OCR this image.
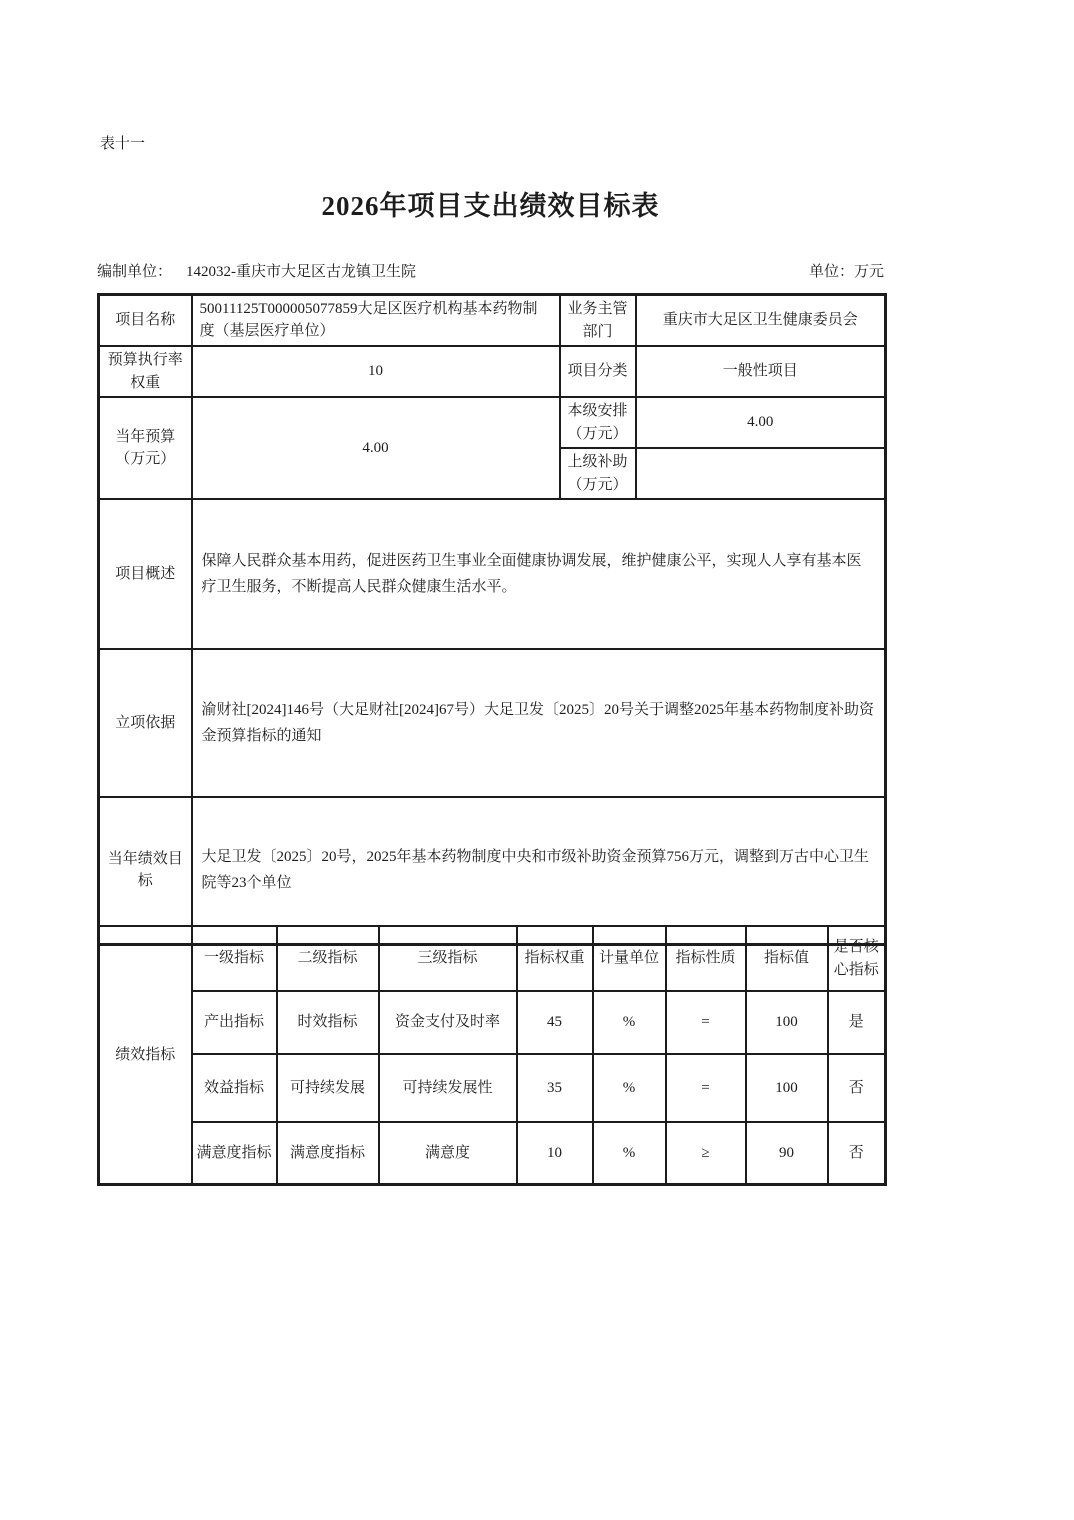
表十一
2026年项目支出绩效目标表
编制单位： 142032-重庆市大足区古龙镇卫生院	单位：万元
项目名称	50011125T000005077859大足区医疗机构基本药物制度（基层医疗单位）	业务主管部门	重庆市大足区卫生健康委员会
预算执行率权重	10	项目分类	一般性项目
当年预算（万元）	4.00	本级安排（万元）	4.00
		上级补助（万元）	
项目概述	保障人民群众基本用药，促进医药卫生事业全面健康协调发展，维护健康公平，实现人人享有基本医疗卫生服务，不断提高人民群众健康生活水平。		
立项依据	渝财社[2024]146号（大足财社[2024]67号）大足卫发〔2025〕20号关于调整2025年基本药物制度补助资金预算指标的通知		
当年绩效目标	大足卫发〔2025〕20号，2025年基本药物制度中央和市级补助资金预算756万元，调整到万古中心卫生院等23个单位		
绩效指标	一级指标	二级指标	三级指标	指标权重	计量单位	指标性质	指标值	是否核心指标
	产出指标	时效指标	资金支付及时率	45	%	=	100	是
	效益指标	可持续发展	可持续发展性	35	%	=	100	否
	满意度指标	满意度指标	满意度	10	%	≥	90	否
